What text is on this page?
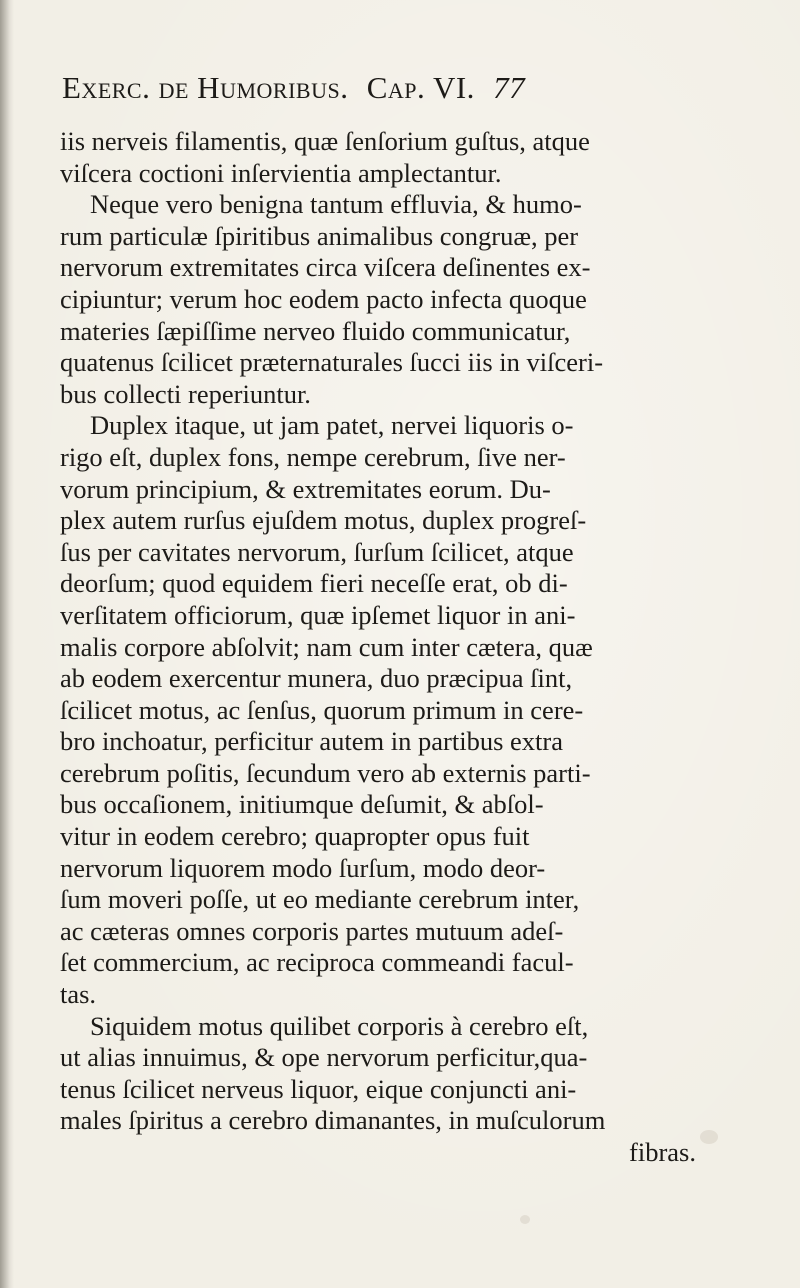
Exerc. de Humoribus. Cap. VI. 77
iis nerveis filamentis, quæ ſenſorium guſtus, atque
viſcera coctioni inſervientia amplectantur.
Neque vero benigna tantum effluvia, & humo-
rum particulæ ſpiritibus animalibus congruæ, per
nervorum extremitates circa viſcera deſinentes ex-
cipiuntur; verum hoc eodem pacto infecta quoque
materies ſæpiſſime nerveo fluido communicatur,
quatenus ſcilicet præternaturales ſucci iis in viſceri-
bus collecti reperiuntur.
Duplex itaque, ut jam patet, nervei liquoris o-
rigo eſt, duplex fons, nempe cerebrum, ſive ner-
vorum principium, & extremitates eorum. Du-
plex autem rurſus ejuſdem motus, duplex progreſ-
ſus per cavitates nervorum, ſurſum ſcilicet, atque
deorſum; quod equidem fieri neceſſe erat, ob di-
verſitatem officiorum, quæ ipſemet liquor in ani-
malis corpore abſolvit; nam cum inter cætera, quæ
ab eodem exercentur munera, duo præcipua ſint,
ſcilicet motus, ac ſenſus, quorum primum in cere-
bro inchoatur, perficitur autem in partibus extra
cerebrum poſitis, ſecundum vero ab externis parti-
bus occaſionem, initiumque deſumit, & abſol-
vitur in eodem cerebro; quapropter opus fuit
nervorum liquorem modo ſurſum, modo deor-
ſum moveri poſſe, ut eo mediante cerebrum inter,
ac cæteras omnes corporis partes mutuum adeſ-
ſet commercium, ac reciproca commeandi facul-
tas.
Siquidem motus quilibet corporis à cerebro eſt,
ut alias innuimus, & ope nervorum perficitur,qua-
tenus ſcilicet nerveus liquor, eique conjuncti ani-
males ſpiritus a cerebro dimanantes, in muſculorum
fibras.
